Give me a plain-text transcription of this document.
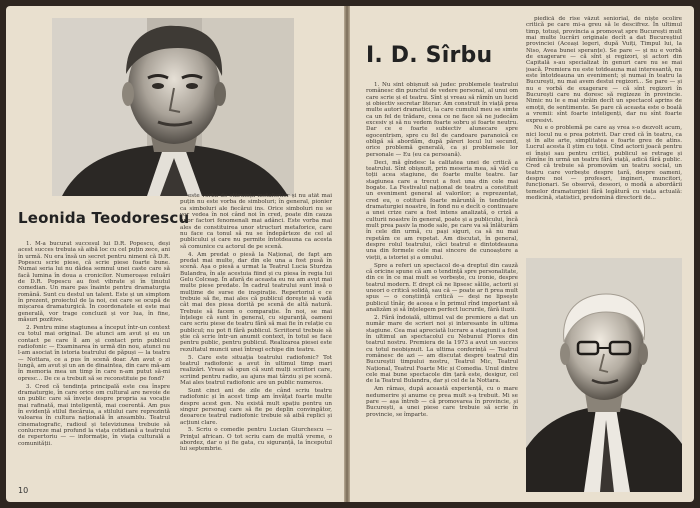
Leonida Teodorescu

1. M-a bucurat succesul lui D.R. Popescu, deși acest succes trebuia să aibă loc cu cel puțin zece, ani în urmă. Nu era însă un secret pentru nimeni că D.R. Popescu scrie piese, că scrie piese foarte bune. Numai seria lui nu dădea semnul unei caste care să facă lumina în doua a cronicilor. Numeroase reluări de D.R. Popescu au fost vibrate și în ținutul comedian. Un mare pas înainte pentru dramaturgia română. Sunt cu destul un talent. Este și un simptom în prezent, proiectul de la noi, cei care se ocupă de mișcarea dramaturgică. În coordonatele ei este mai generală, vor trage concluzii și vor lua, în fine, măsuri pozitive.

2. Pentru mine stagiunea a început într-un context cu totul mai original. De atunci am avut și eu un contact pe care îl am și contact prin publicul radiofonic — Examinarea în urmă din nou, atunci nu l-am asociat în istoria teatrului de păpuși — la teatru — Nottara, ce a pus în scenă doar. Am avut o zi lungă, am avut și un an de dinaintea, din care mă-am în memoria mea un timp în care n-am putut să-mi opresc... De ce a trebuit să se reconstituie pe fond?

3. Cred că tendința principală este cea înspre dramaturgie, în care orice om cultural are nevoie de un public care să învețe despre propria sa vocație mai rafinată, mai inteligentă, mai coerentă. Am pus în evidență stilul fiecăruia, a stilului care reprezintă valoarea în cultura națională în ansamblu. Teatrul cinematografic, radioul și televiziunea trebuie să conlucreze mai profund la viața cotidiană a teatrului de repertoriu — — informație, în viața culturală a comunității.

este vorba de stăruința metaforilor și nu atât mai puțin nu este vorba de simboluri; în general, pionier ca simboluri ale fiecărui ins. Orice simboluri nu se vor vedea în noi când noi în cred, poate din cauza unor factori fenomenali mai adânci. Este vorba mai ales de constituirea unor structuri metaforice, care nu face ca tonul să nu se îndepărteze de cel al publicului și care nu permite întotdeauna ca acesta să comunice cu actorul de pe scenă.

4. Am predat o piesă la Național, de fapt am predat mai multe, dar din ele una a fost pusă în scenă. Așa o piesă a urmat la Teatrul Lucia Sturdza Bulandra, în ale acestuia fiind și cu piesa în regia lui Gelu Colceag. În afară de aceasta eu nu am avut mai multe piese predate. În cadrul teatrului sunt însă o mulțime de surse de inspirație. Repertoriul e ce trebuie să fie, mai ales că publicul dorește să vadă cât mai des piesa dorită pe scenă de altă natură. Trebuie să facem o comparație. În noi, se mai înțelege că sunt în general, cu siguranță, oameni care scriu piese de teatru fără să mai fie în relație cu publicul; nu pot fi fără publicul. Scriitorul trebuie să știe că scrie într-un anumit context, în totul se face pentru public, pentru publicul. Realizarea piesei este rezultatul muncii unei întregi echipe din teatru.

5. Care este situația teatrului radiofonic? Tot teatrul radiofonic a avut în ultimul timp mari realizări. Vreau să spun că sunt mulți scriitori care, scriind pentru radio, au ajuns mai târziu și pe scenă. Mai ales teatrul radiofonic are un public numeros.

Sunt cinci ani de zile de când scriu teatru radiofonic și în acest timp am învățat foarte multe despre acest gen. Nu există mult spațiu pentru un singur personaj care să fie pe deplin convingător, deoarece teatrul radiofonic trebuie să aibă replici și acțiuni clare.

5. Scriu o comedie pentru Lucian Giurchescu — Prinţul african. O tot scriu cam de multă vreme, o abordez, dar o și fie gata, cu siguranță, la începutul lui septembrie.

10
I. D. Sîrbu

1. Nu sînt obișnuit să judec problemele teatrului românesc din punctul de vedere personal, al unui om care scrie și el teatru. Sînt și vreau să rămîn un lucid și obiectiv secretar literar. Am construit în viață prea multe autori dramatici, la care cumulul meu se simte ca un fel de trădare, ceea ce ne face să ne judecăm excesiv și să nu vedem foarte sobru și foarte neutru. Dar ce e foarte subiectiv alunecare spre egocentrism, spre cu fel de candoare paranoică ce obligă să abordăm, după păreri locul lui secund, orice problemă generală, ca și problemele lor personale — Eu (eu ca persoană).

Deci, mă gîndesc la calitatea unei de critică a teatrului. Sînt obișnuit, prin meseria mea, să văd cu toții acea stagiune, de foarte multe teatre. Iar stagiunea care a trecut a fost una din cele mai bogate. La Festivalul național de teatru a constituit un eveniment general al valorilor; a reprezentat, cred eu, o cotitură foarte măruntă în tendințele dramaturgiei noastre, în fond nu e decît o continuare a unei crize care a fost intens analizată, o criză a culturii noastre în general, poate și a publicului, încă mult prea pasiv la mode sale, pe care va să înlăturăm în cele din urmă, cu pași siguri, ca să nu mai repetăm ce am repetat. Am discutat, în general, despre rolul teatrului, căci teatrul e dintotdeauna una din formele cele mai sincere de cunoaștere a vieții, a istoriei și a omului.

Spre a referi un spectacol de-a dreptul din cauză că oricine spune că am o tendință spre personalitate, din ce în ce mai mult se vorbește, cu ironie, despre teatrul modern. E drept că ne lipsesc sălile, actorii și uneori o critică solidă, sau că — poate ar fi prea mult spus — o conștiință critică — deși ne lipsește publicul tînăr, de aceea e în primul rînd important să analizăm și să înțelegem perfect lucrurile, fără iluzii.

2. Fără îndoială, ultimul val de premiere a dat un număr mare de scrieri noi și interesante în ultima stagiune. Cea mai apreciată lucrare a stagiunii a fost în ultimul an spectacolul cu Nebunul Flores din teatrul nostru. Premiera de la 1973 a avut un succes cu totul neobișnuit. La ultima conferință — Teatrul românesc de azi — am discutat despre teatrul din Bucureștii timpului nostru, Teatrul Mic, Teatrul Național, Teatrul Foarte Mic și Comedia. Unul dintre cele mai bune spectacole din țară este, desigur, cel de la Teatrul Bulandra, dar și cel de la Nottara.

Am rămas, după această experiență, cu o mare nedumerire și anume ce prea mult s-a trebuit. Mi se pare — așa întreb — că promovarea în provincie, și București, a unei piese care trebuie să scrie în provincie, se împarte.

piedică de rîse văzut seniorial, de niște ocolire critică pe care mi-a greu să le descifrez. În ultimul timp, totuși, provincia a promovat spre București mult mai multe lucrări originale decît a dat Bucureștiul provinciei (Aceași legeri, după Vuiți, Timpul lui, la Niso, Avea bunei speranțe). Se pare — și nu e vorbă de exagerare — că sînt și regizori, și actori din Capitală s-au specializat în genuri care nu se mai joacă. Premiera nu este totdeauna mai interesantă, nu este întotdeauna un eveniment; și numai în teatru la București, nu mai avem destui regizori... Se pare — și nu e vorbă de exagerare — că sînt regizori în București care nu doresc să regizeze în provincie. Nimic nu le e mai străin decît un spectacol aprins de emoții, de sentimente. Se pare că aceasta este o boală a vremii: sînt foarte inteligenți, dar nu sînt foarte expresivi.

Nu e o problemă pe care aș vrea s-o dezvolt acum, nici locul nu e prea potrivit. Dar cred că în teatru, ca și în alte arte, simplitatea e foarte greu de atins. Lucrul acesta îl știm cu toții. Cînd actorii joacă pentru ei înșiși sau pentru critici, publicul se retrage și rămîne în urmă un teatru fără viață, adică fără public. Cred că trebuie să promovăm un teatru social, un teatru care vorbește despre țară, despre oameni, despre noi — profesori, ingineri, muncitori, funcționari. Se observă, deseori, o modă a abordării temelor dramaturgiei fără legătură cu viața actuală: medicină, statistici, predomină directorii de...
